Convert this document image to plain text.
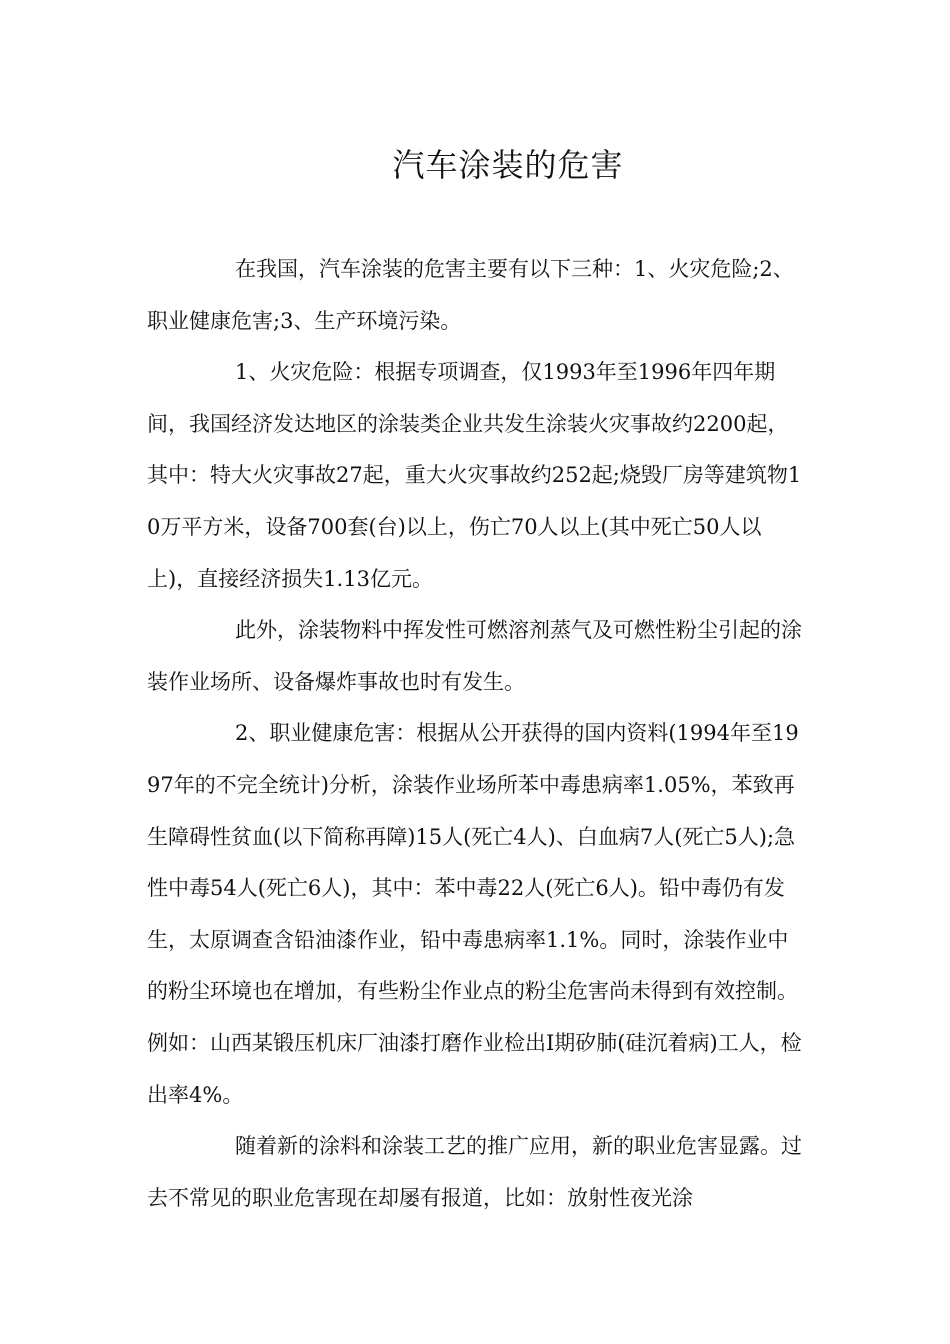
汽车涂装的危害

在我国，汽车涂装的危害主要有以下三种：1、火灾危险;2、职业健康危害;3、生产环境污染。

1、火灾危险：根据专项调查，仅1993年至1996年四年期间，我国经济发达地区的涂装类企业共发生涂装火灾事故约2200起，其中：特大火灾事故27起，重大火灾事故约252起;烧毁厂房等建筑物10万平方米，设备700套(台)以上，伤亡70人以上(其中死亡50人以上)，直接经济损失1.13亿元。

此外，涂装物料中挥发性可燃溶剂蒸气及可燃性粉尘引起的涂装作业场所、设备爆炸事故也时有发生。

2、职业健康危害：根据从公开获得的国内资料(1994年至1997年的不完全统计)分析，涂装作业场所苯中毒患病率1.05%，苯致再生障碍性贫血(以下简称再障)15人(死亡4人)、白血病7人(死亡5人);急性中毒54人(死亡6人)，其中：苯中毒22人(死亡6人)。铅中毒仍有发生，太原调查含铅油漆作业，铅中毒患病率1.1%。同时，涂装作业中的粉尘环境也在增加，有些粉尘作业点的粉尘危害尚未得到有效控制。例如：山西某锻压机床厂油漆打磨作业检出Ⅰ期矽肺(硅沉着病)工人，检出率4%。

随着新的涂料和涂装工艺的推广应用，新的职业危害显露。过去不常见的职业危害现在却屡有报道，比如：放射性夜光涂
